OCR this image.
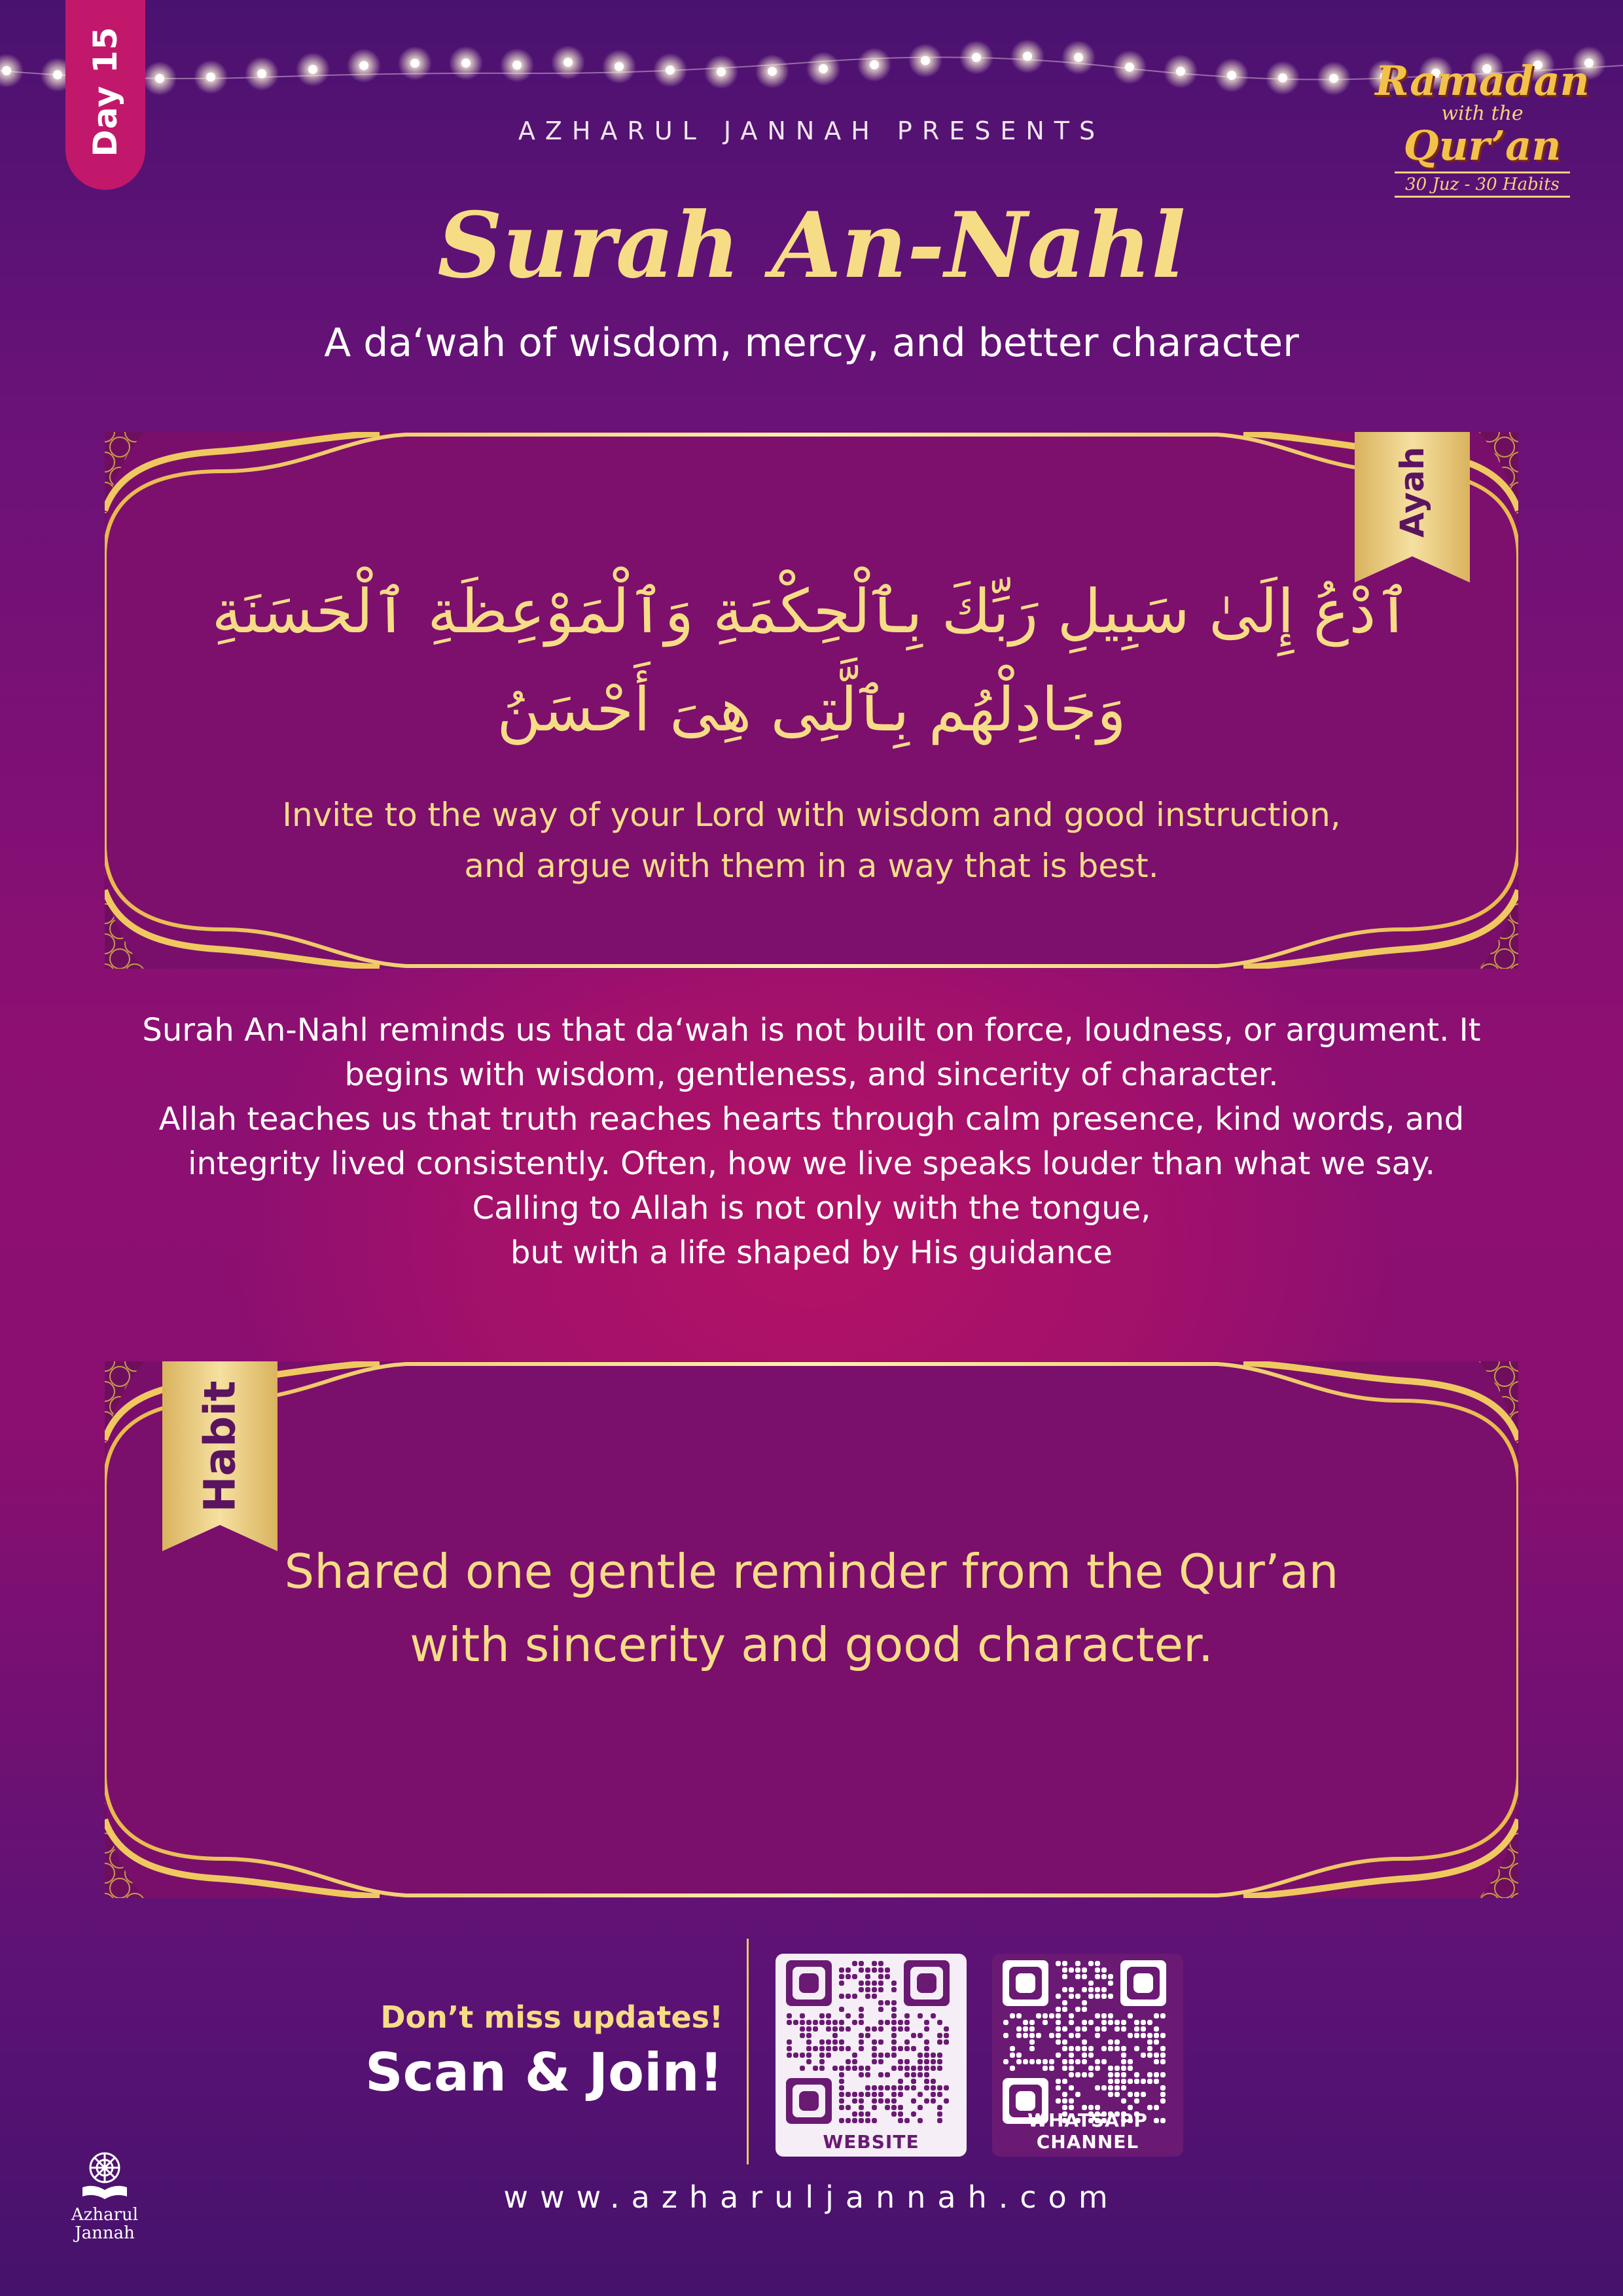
Day 15	Ramadan
with the
Qur’an
30 Juz - 30 Habits
AZHARUL JANNAH PRESENTS
Surah An-Nahl
A da‘wah of wisdom, mercy, and better character
Ayah
ٱدْعُ إِلَىٰ سَبِيلِ رَبِّكَ بِٱلْحِكْمَةِ وَٱلْمَوْعِظَةِ ٱلْحَسَنَةِ
وَجَادِلْهُم بِٱلَّتِى هِىَ أَحْسَنُ
Invite to the way of your Lord with wisdom and good instruction,
and argue with them in a way that is best.
Surah An-Nahl reminds us that da‘wah is not built on force, loudness, or argument. It
begins with wisdom, gentleness, and sincerity of character.
Allah teaches us that truth reaches hearts through calm presence, kind words, and
integrity lived consistently. Often, how we live speaks louder than what we say.
Calling to Allah is not only with the tongue,
but with a life shaped by His guidance
Habit
Shared one gentle reminder from the Qur’an
with sincerity and good character.
Don’t miss updates!
Scan & Join!
WEBSITE
WHATSAPP CHANNEL
www.azharuljannah.com
Azharul
Jannah
